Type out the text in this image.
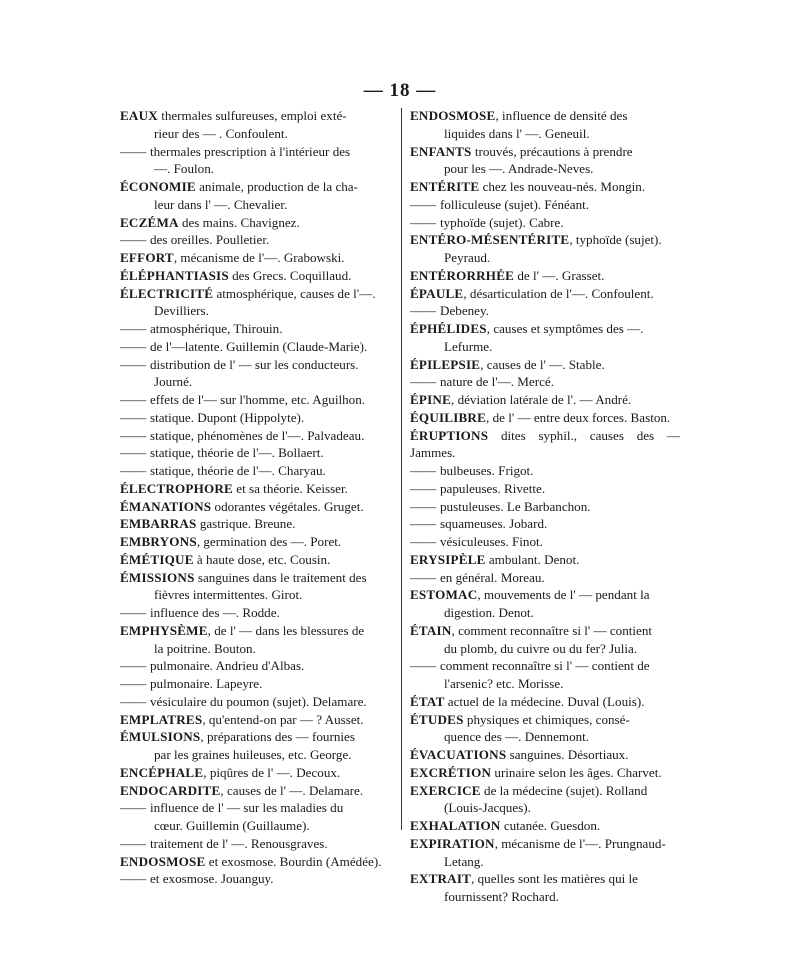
— 18 —
EAUX thermales sulfureuses, emploi exté-
rieur des — . Confoulent.
—— thermales prescription à l'intérieur des
—. Foulon.
ÉCONOMIE animale, production de la cha-
leur dans l' —. Chevalier.
ECZÉMA des mains. Chavignez.
—— des oreilles. Poulletier.
EFFORT, mécanisme de l'—. Grabowski.
ÉLÉPHANTIASIS des Grecs. Coquillaud.
ÉLECTRICITÉ atmosphérique, causes de l'—.
Devilliers.
—— atmosphérique, Thirouin.
—— de l'—latente. Guillemin (Claude-Marie).
—— distribution de l' — sur les conducteurs.
Journé.
—— effets de l'— sur l'homme, etc. Aguilhon.
—— statique. Dupont (Hippolyte).
—— statique, phénomènes de l'—. Palvadeau.
—— statique, théorie de l'—. Bollaert.
—— statique, théorie de l'—. Charyau.
ÉLECTROPHORE et sa théorie. Keisser.
ÉMANATIONS odorantes végétales. Gruget.
EMBARRAS gastrique. Breune.
EMBRYONS, germination des —. Poret.
ÉMÉTIQUE à haute dose, etc. Cousin.
ÉMISSIONS sanguines dans le traitement des
fièvres intermittentes. Girot.
—— influence des —. Rodde.
EMPHYSÈME, de l' — dans les blessures de
la poitrine. Bouton.
—— pulmonaire. Andrieu d'Albas.
—— pulmonaire. Lapeyre.
—— vésiculaire du poumon (sujet). Delamare.
EMPLATRES, qu'entend-on par — ? Ausset.
ÉMULSIONS, préparations des — fournies
par les graines huileuses, etc. George.
ENCÉPHALE, piqûres de l' —. Decoux.
ENDOCARDITE, causes de l' —. Delamare.
—— influence de l' — sur les maladies du
cœur. Guillemin (Guillaume).
—— traitement de l' —. Renousgraves.
ENDOSMOSE et exosmose. Bourdin (Amédée).
—— et exosmose. Jouanguy.
ENDOSMOSE, influence de densité des
liquides dans l' —. Geneuil.
ENFANTS trouvés, précautions à prendre
pour les —. Andrade-Neves.
ENTÉRITE chez les nouveau-nés. Mongin.
—— folliculeuse (sujet). Fénéant.
—— typhoïde (sujet). Cabre.
ENTÉRO-MÉSENTÉRITE, typhoïde (sujet).
Peyraud.
ENTÉRORRHÉE de l' —. Grasset.
ÉPAULE, désarticulation de l'—. Confoulent.
—— Debeney.
ÉPHÉLIDES, causes et symptômes des —.
Lefurme.
ÉPILEPSIE, causes de l' —. Stable.
—— nature de l'—. Mercé.
ÉPINE, déviation latérale de l'. — André.
ÉQUILIBRE, de l' — entre deux forces. Baston.
ÉRUPTIONS dites syphil., causes des — Jammes.
—— bulbeuses. Frigot.
—— papuleuses. Rivette.
—— pustuleuses. Le Barbanchon.
—— squameuses. Jobard.
—— vésiculeuses. Finot.
ERYSIPÈLE ambulant. Denot.
—— en général. Moreau.
ESTOMAC, mouvements de l' — pendant la
digestion. Denot.
ÉTAIN, comment reconnaître si l' — contient
du plomb, du cuivre ou du fer? Julia.
—— comment reconnaître si l' — contient de
l'arsenic? etc. Morisse.
ÉTAT actuel de la médecine. Duval (Louis).
ÉTUDES physiques et chimiques, consé-
quence des —. Dennemont.
ÉVACUATIONS sanguines. Désortiaux.
EXCRÉTION urinaire selon les âges. Charvet.
EXERCICE de la médecine (sujet). Rolland
(Louis-Jacques).
EXHALATION cutanée. Guesdon.
EXPIRATION, mécanisme de l'—. Prungnaud-
Letang.
EXTRAIT, quelles sont les matières qui le
fournissent? Rochard.
